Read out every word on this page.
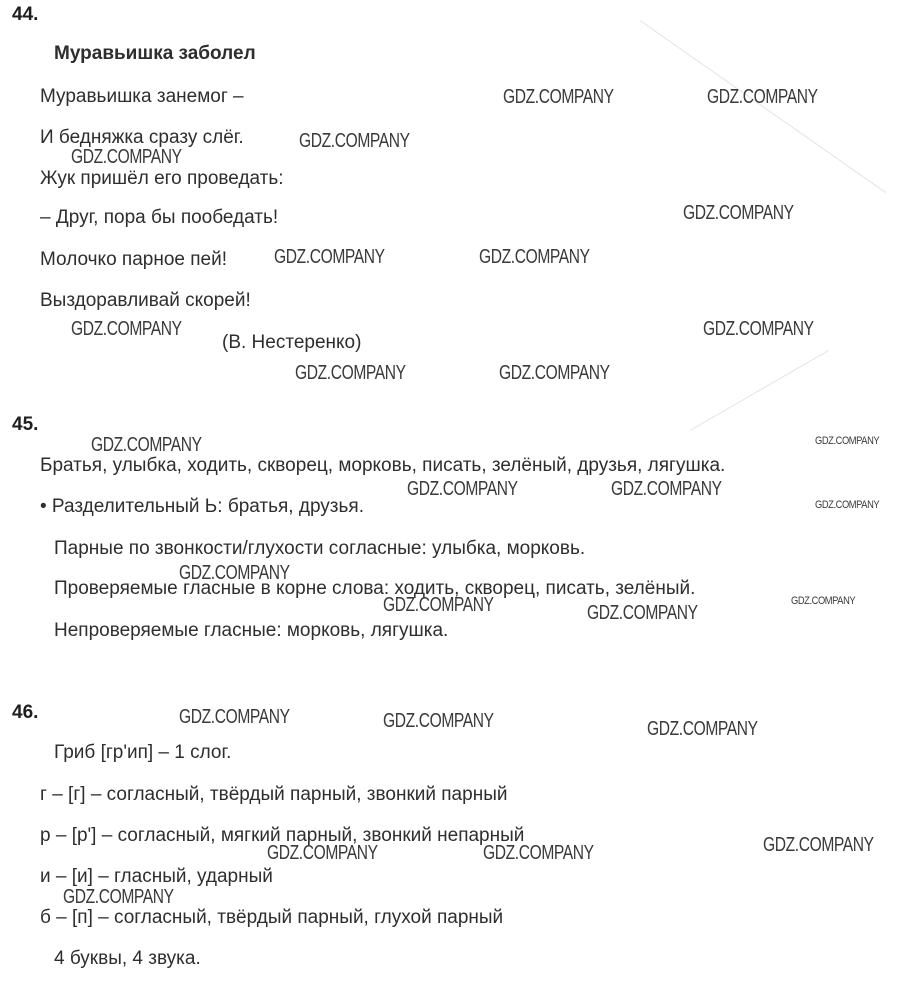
44.
Муравьишка заболел
Муравьишка занемог –
И бедняжка сразу слёг.
Жук пришёл его проведать:
– Друг, пора бы пообедать!
Молочко парное пей!
Выздоравливай скорей!
(В. Нестеренко)
45.
Братья, улыбка, ходить, скворец, морковь, писать, зелёный, друзья, лягушка.
• Разделительный Ь: братья, друзья.
Парные по звонкости/глухости согласные: улыбка, морковь.
Проверяемые гласные в корне слова: ходить, скворец, писать, зелёный.
Непроверяемые гласные: морковь, лягушка.
46.
Гриб [гр'ип] – 1 слог.
г – [г] – согласный, твёрдый парный, звонкий парный
р – [р'] – согласный, мягкий парный, звонкий непарный
и – [и] – гласный, ударный
б – [п] – согласный, твёрдый парный, глухой парный
4 буквы, 4 звука.
GDZ.COMPANY	GDZ.COMPANY
GDZ.COMPANY
GDZ.COMPANY
GDZ.COMPANY
GDZ.COMPANY	GDZ.COMPANY
GDZ.COMPANY	GDZ.COMPANY
GDZ.COMPANY	GDZ.COMPANY
GDZ.COMPANY	GDZ.COMPANY
GDZ.COMPANY	GDZ.COMPANY
GDZ.COMPANY
GDZ.COMPANY
GDZ.COMPANY	GDZ.COMPANY
GDZ.COMPANY
GDZ.COMPANY	GDZ.COMPANY	GDZ.COMPANY
GDZ.COMPANY
GDZ.COMPANY	GDZ.COMPANY
GDZ.COMPANY
